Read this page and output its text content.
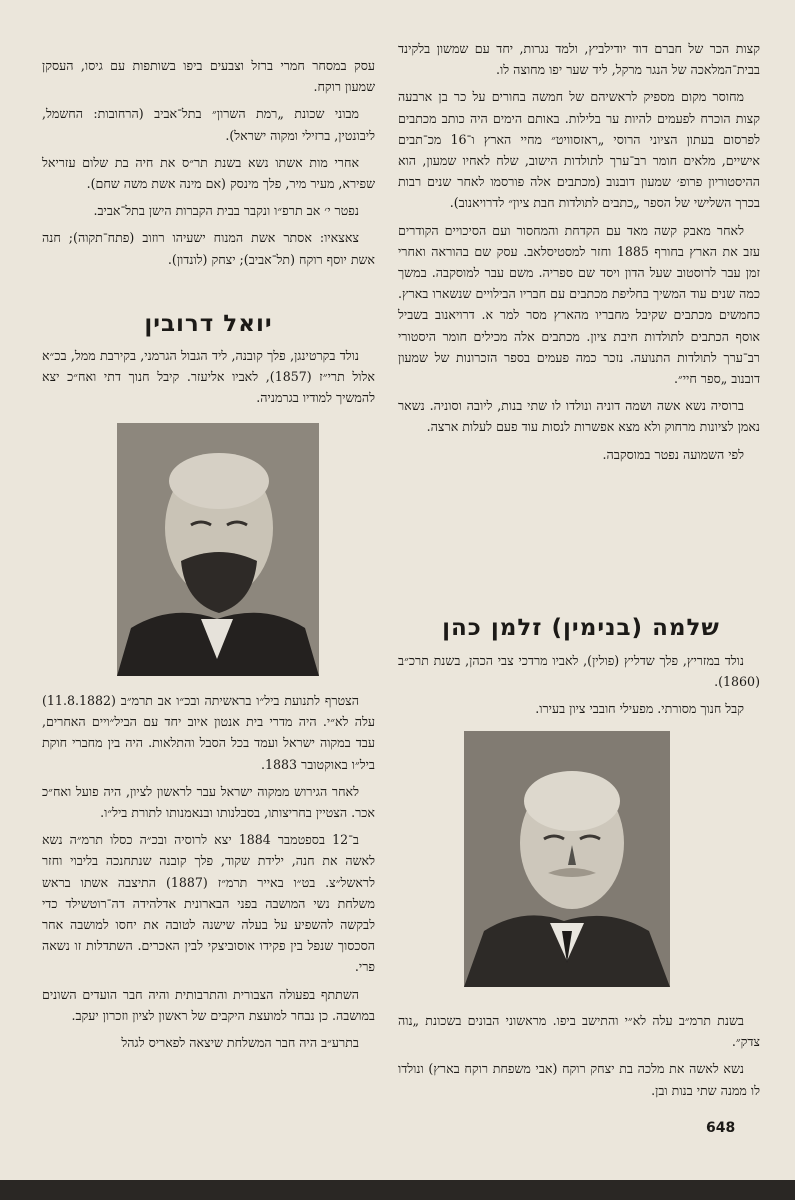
קצות הכר של חברם דוד יודילביץ, ולמד נגרות, יחד עם שמשון בלקינד בבית־המלאכה של הנגר מרקל, ליד שער יפו מחוצה לו.

מחוסר מקום מספיק לראשיהם של חמשה בחורים על כר בן ארבעה קצות הוכרח לפעמים להיות ער בלילות. באותם הימים היה כותב מכתבים לפרסום בעתון הציוני הרוסי „ראזסוויט״ מחיי הארץ ו־16 מכ־תבים אישיים, מלאים חומר רב־ערך לתולדות הישוב, שלח לאחיו שמעון, הוא ההיסטוריון פרופ׳ שמעון דובנוב (מכתבים אלה פורסמו לאחר שנים רבות בכרך השלישי של הספר „כתבים לתולדות חבת ציון״ לדרויאנוב).

לאחר מאבק קשה מאד עם הקדחת והמחסור ועם הסיכויים הקודרים עזב את הארץ בחורף 1885 וחזר למסטיסלאב. עסק שם בהוראה ואחרי זמן עבר לרוסטוב שעל הדון ויסד שם ספריה. משם עבר למוסקבה. במשך כמה שנים עוד המשיך בחליפת מכתבים עם חבריו הבילויים שנשארו בארץ. כחמשים מכתבים שקיבל מחבריו מהארץ מסר למר א. דרויאנוב בשביל אוסף הכתבים לתולדות חיבת ציון. מכתבים אלה מכילים חומר היסטורי רב־ערך לתולדות התנועה. נזכר כמה פעמים בספר הזכרונות של שמעון דובנוב „ספר חיי״.

ברוסיה נשא אשה ושמה דוניה ונולדו לו שתי בנות, ליובה וסוניה. נשאר נאמן לציונות מרחוק ולא מצא אפשרות לנסות עוד פעם לעלות ארצה.

לפי השמועה נפטר במוסקבה.

שלמה (בנימין) זלמן כהן

נולד במזריץ, פלך שדליץ (פולין), לאביו מרדכי צבי הכהן, בשנת תרכ״ב (1860).

קבל חנוך מסורתי. מפעילי חובבי ציון בעירו.

בשנת תרמ״ב עלה לא״י והתישב ביפו. מראשוני הבונים בשכונת „נוה צדק״.

נשא לאשה את מלכה בת יצחק רוקח (אבי משפחת רוקח בארץ) ונולדו לו ממנה שתי בנות ובן.

עסק במסחר חמרי ברזל וצבעים ביפו בשותפות עם גיסו, העסקן שמעון רוקח.

מבוני שכונת „רמת השרון״ בתל־אביב (הרחובות: החשמל, ליבונטין, ברזילי ומקוה ישראל).

אחרי מות אשתו נשא בשנת תר״ס את חיה בת שלום עזריאל שפירא, מעיר מיר, פלך מינסק (אם מינה אשת משה שחם).

נפטר י׳ אב תרפ״ו ונקבר בבית הקברות הישן בתל־אביב.

צאצאיו: אסתר אשת המנוח ישעיהו רוזוב (פתח־תקוה); חנה אשת יוסף רוקח (תל־אביב); יצחק (לונדון).

יואל דרובין

נולד בקרטינגן, פלך קובנה, ליד הגבול הגרמני, בקירבת ממל, בכ״א אלול תרי״ז (1857), לאביו אליעזר. קיבל חנוך דתי ואח״כ יצא להמשיך למודיו בגרמניה.

הצטרף לתנועת ביל״ו בראשיתה ובכ״ו אב תרמ״ב (11.8.1882) עלה לא״י. היה מדרי בית אנטון איוב יחד עם הביל״ויים האחרים, עבד במקוה ישראל ועמד בכל הסבל והתלאות. היה בין מחברי חוקת ביל״ו באוקטובר 1883.

לאחר הגירוש ממקוה ישראל עבר לראשון לציון, היה פועל ואח״כ אכר. הצטיין בחריצותו, בסבלנותו ובנאמנותו לתורת ביל״ו.

ב־12 בספטמבר 1884 יצא לרוסיה ובכ״ה כסלו תרמ״ה נשא לאשה את חנה, ילידת שקוד, פלך קובנה שנתחנכה בליבוי וחזר לראשל״צ. בט״ו באייר תרמ״ז (1887) התיצבה אשתו בראש משלחת נשי המושבה בפני הבארונית אדלהידה דה־רוטשילד כדי לבקשה להשפיע על בעלה שישנה לטובה את יחסו למושבה אחר הסכסוך שנפל בין פקידו אוסוביצקי לבין האכרים. השתדלות זו נשאה פרי.

השתתף בפעולה הצבורית והתרבותית והיה חבר הועדים השונים במושבה. כן נבחר למועצת היקבים של ראשון לציון וזכרון יעקב.

בתרע״ב היה חבר המשלחת שיצאה לפאריס לגהל

648
